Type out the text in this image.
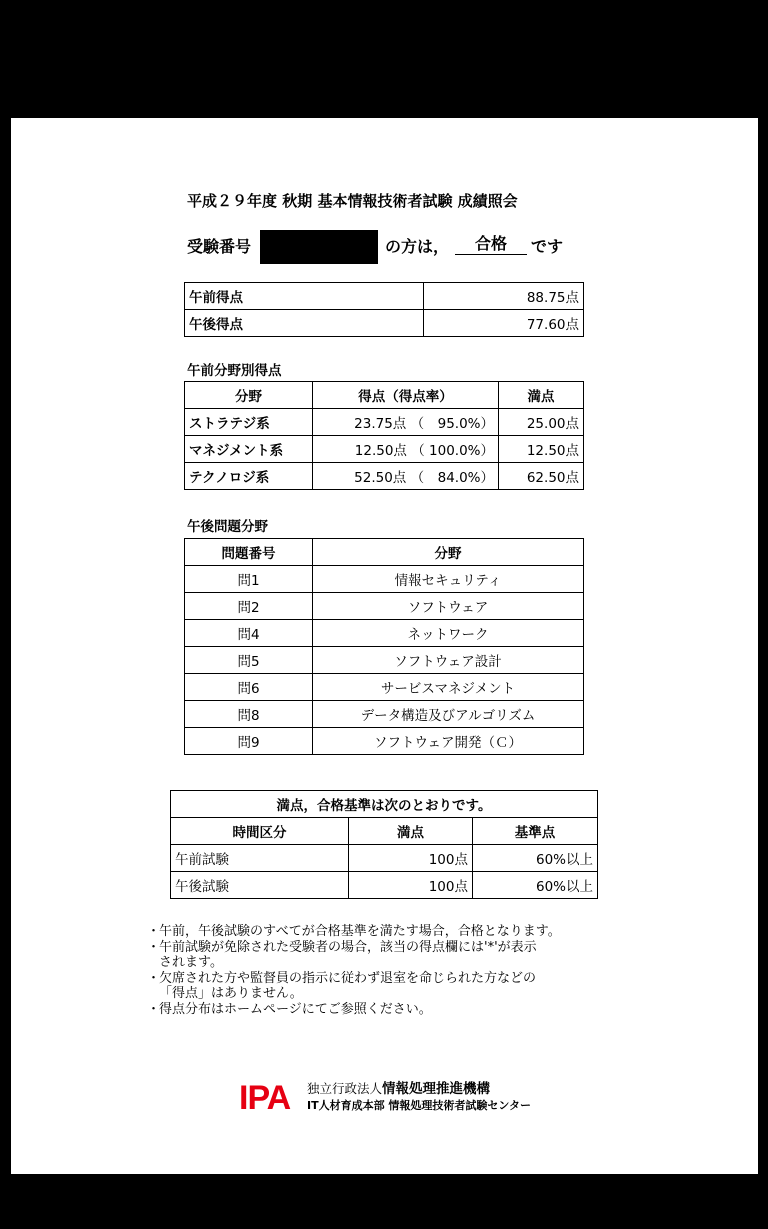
平成２９年度 秋期 基本情報技術者試験 成績照会
受験番号	の方は，	合格	です
午前得点	88.75点
午後得点	77.60点
午前分野別得点
分野	得点（得点率）	満点
ストラテジ系	23.75点 （　95.0%）	25.00点
マネジメント系	12.50点 （ 100.0%）	12.50点
テクノロジ系	52.50点 （　84.0%）	62.50点
午後問題分野
問題番号	分野
問1	情報セキュリティ
問2	ソフトウェア
問4	ネットワーク
問5	ソフトウェア設計
問6	サービスマネジメント
問8	データ構造及びアルゴリズム
問9	ソフトウェア開発（Ｃ）
満点，合格基準は次のとおりです。		
時間区分	満点	基準点
午前試験	100点	60%以上
午後試験	100点	60%以上
・
午前，午後試験のすべてが合格基準を満たす場合，合格となります。
・
午前試験が免除された受験者の場合，該当の得点欄には'*'が表示
されます。
・
欠席された方や監督員の指示に従わず退室を命じられた方などの
「得点」はありません。
・
得点分布はホームページにてご参照ください。
IPA 独立行政法人情報処理推進機構
IT人材育成本部 情報処理技術者試験センター
